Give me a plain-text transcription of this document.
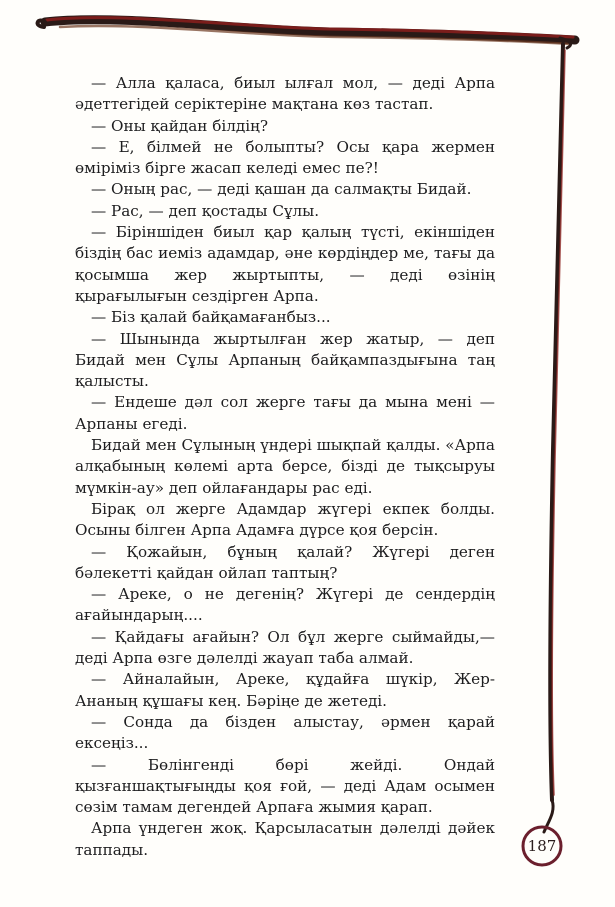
— Алла қаласа, биыл ылғал мол, — деді Арпа әдеттегідей серіктеріне мақтана көз тастап.

— Оны қайдан білдің?

— Е, білмей не болыпты? Осы қара жермен өміріміз бірге жасап келеді емес пе?!

— Оның рас, — деді қашан да салмақты Бидай.

— Рас, — деп қостады Сұлы.

— Біріншіден биыл қар қалың түсті, екіншіден біздің бас иеміз адамдар, әне көрдіңдер ме, тағы да қосымша жер жыртыпты, — деді өзінің қырағылығын сездірген Арпа.

— Біз қалай байқамағанбыз...

— Шынында жыртылған жер жатыр, — деп Бидай мен Сұлы Арпаның байқампаздығына таң қалысты.

— Ендеше дәл сол жерге тағы да мына мені — Арпаны егеді.

Бидай мен Сұлының үндері шықпай қалды. «Арпа алқабының көлемі арта берсе, бізді де тықсыруы мүмкін-ау» деп ойлағандары рас еді.

Бірақ ол жерге Адамдар жүгері екпек болды. Осыны білген Арпа Адамға дүрсе қоя берсін.

— Қожайын, бұның қалай? Жүгері деген бәлекетті қайдан ойлап таптың?

— Ареке, о не дегенің? Жүгері де сендердің ағайындарың....

— Қайдағы ағайын? Ол бұл жерге сыймайды,— деді Арпа өзге дәлелді жауап таба алмай.

— Айналайын, Ареке, құдайға шүкір, Жер-Ананың құшағы кең. Бәріңе де жетеді.

— Сонда да бізден алыстау, әрмен қарай ексеңіз...

— Бөлінгенді бөрі жейді. Ондай қызғаншақтығыңды қоя ғой, — деді Адам осымен сөзім тамам дегендей Арпаға жымия қарап.

Арпа үндеген жоқ. Қарсыласатын дәлелді дәйек таппады.	187
